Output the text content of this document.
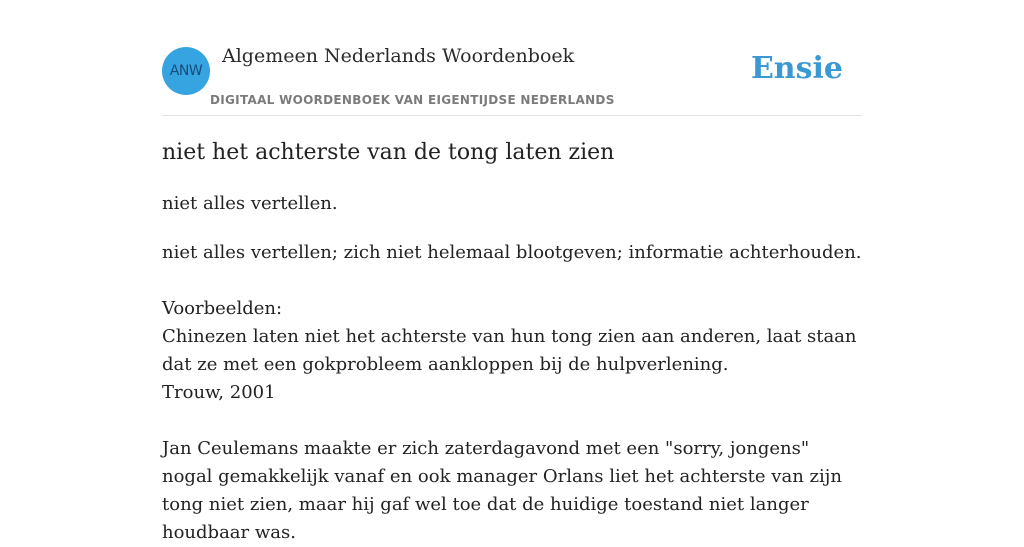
ANW
Algemeen Nederlands Woordenboek
DIGITAAL WOORDENBOEK VAN EIGENTIJDSE NEDERLANDS
Ensie
niet het achterste van de tong laten zien
niet alles vertellen.

niet alles vertellen; zich niet helemaal blootgeven; informatie achterhouden.

Voorbeelden:

Chinezen laten niet het achterste van hun tong zien aan anderen, laat staan dat ze met een gokprobleem aankloppen bij de hulpverlening.

Trouw, 2001

Jan Ceulemans maakte er zich zaterdagavond met een "sorry, jongens" nogal gemakkelijk vanaf en ook manager Orlans liet het achterste van zijn tong niet zien, maar hij gaf wel toe dat de huidige toestand niet langer houdbaar was.
